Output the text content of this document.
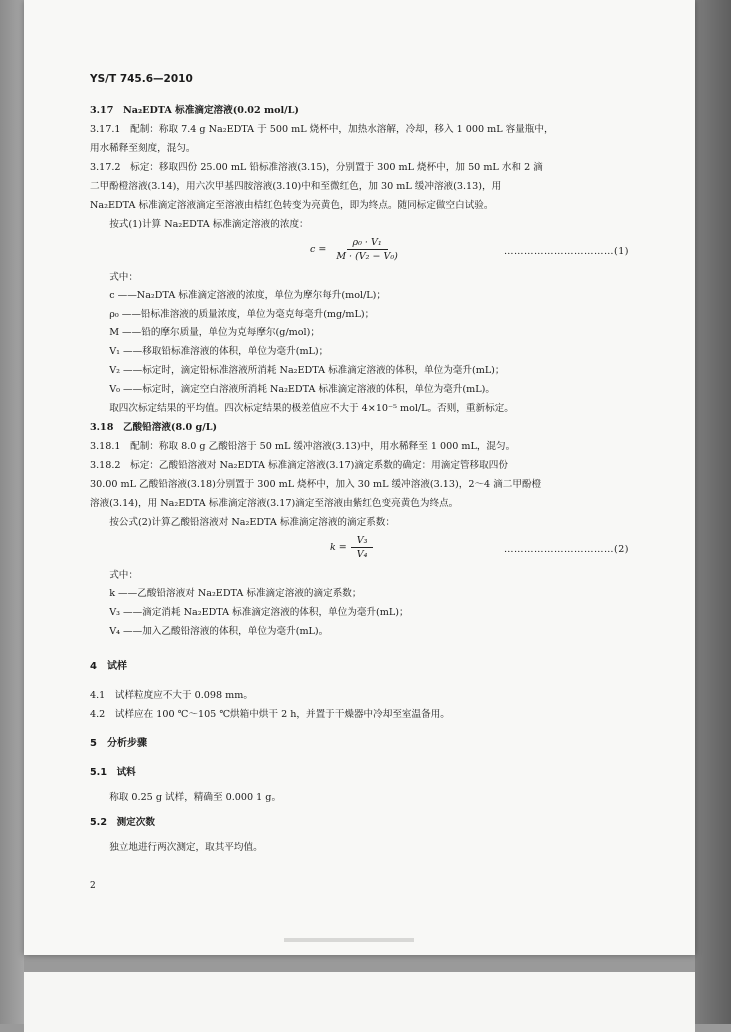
YS/T 745.6—2010

3.17　Na₂EDTA 标准滴定溶液(0.02 mol/L)

3.17.1　配制：称取 7.4 g Na₂EDTA 于 500 mL 烧杯中，加热水溶解，冷却，移入 1 000 mL 容量瓶中，

用水稀释至刻度，混匀。

3.17.2　标定：移取四份 25.00 mL 铅标准溶液(3.15)，分别置于 300 mL 烧杯中，加 50 mL 水和 2 滴

二甲酚橙溶液(3.14)，用六次甲基四胺溶液(3.10)中和至微红色，加 30 mL 缓冲溶液(3.13)，用

Na₂EDTA 标准滴定溶液滴定至溶液由桔红色转变为亮黄色，即为终点。随同标定做空白试验。

按式(1)计算 Na₂EDTA 标准滴定溶液的浓度：

$c = \frac{\text{ρ₀ · V₁}}{\text{M · (V₂ − V₀)}}$	……………………………(1)

式中：

c ——Na₂DTA 标准滴定溶液的浓度，单位为摩尔每升(mol/L)；

ρ₀ ——铅标准溶液的质量浓度，单位为毫克每毫升(mg/mL)；

M ——铅的摩尔质量，单位为克每摩尔(g/mol)；

V₁ ——移取铅标准溶液的体积，单位为毫升(mL)；

V₂ ——标定时，滴定铅标准溶液所消耗 Na₂EDTA 标准滴定溶液的体积，单位为毫升(mL)；

V₀ ——标定时，滴定空白溶液所消耗 Na₂EDTA 标准滴定溶液的体积，单位为毫升(mL)。

取四次标定结果的平均值。四次标定结果的极差值应不大于 4×10⁻⁵ mol/L。否则，重新标定。

3.18　乙酸铅溶液(8.0 g/L)

3.18.1　配制：称取 8.0 g 乙酸铅溶于 50 mL 缓冲溶液(3.13)中，用水稀释至 1 000 mL，混匀。

3.18.2　标定：乙酸铅溶液对 Na₂EDTA 标准滴定溶液(3.17)滴定系数的确定：用滴定管移取四份

30.00 mL 乙酸铅溶液(3.18)分别置于 300 mL 烧杯中，加入 30 mL 缓冲溶液(3.13)，2～4 滴二甲酚橙

溶液(3.14)，用 Na₂EDTA 标准滴定溶液(3.17)滴定至溶液由紫红色变亮黄色为终点。

按公式(2)计算乙酸铅溶液对 Na₂EDTA 标准滴定溶液的滴定系数：

$k = \frac{\text{V₃}}{\text{V₄}}$	……………………………(2)

式中：

k ——乙酸铅溶液对 Na₂EDTA 标准滴定溶液的滴定系数；

V₃ ——滴定消耗 Na₂EDTA 标准滴定溶液的体积，单位为毫升(mL)；

V₄ ——加入乙酸铅溶液的体积，单位为毫升(mL)。

4　试样

4.1　试样粒度应不大于 0.098 mm。

4.2　试样应在 100 ℃～105 ℃烘箱中烘干 2 h，并置于干燥器中冷却至室温备用。

5　分析步骤

5.1　试料

称取 0.25 g 试样，精确至 0.000 1 g。

5.2　测定次数

独立地进行两次测定，取其平均值。

2
